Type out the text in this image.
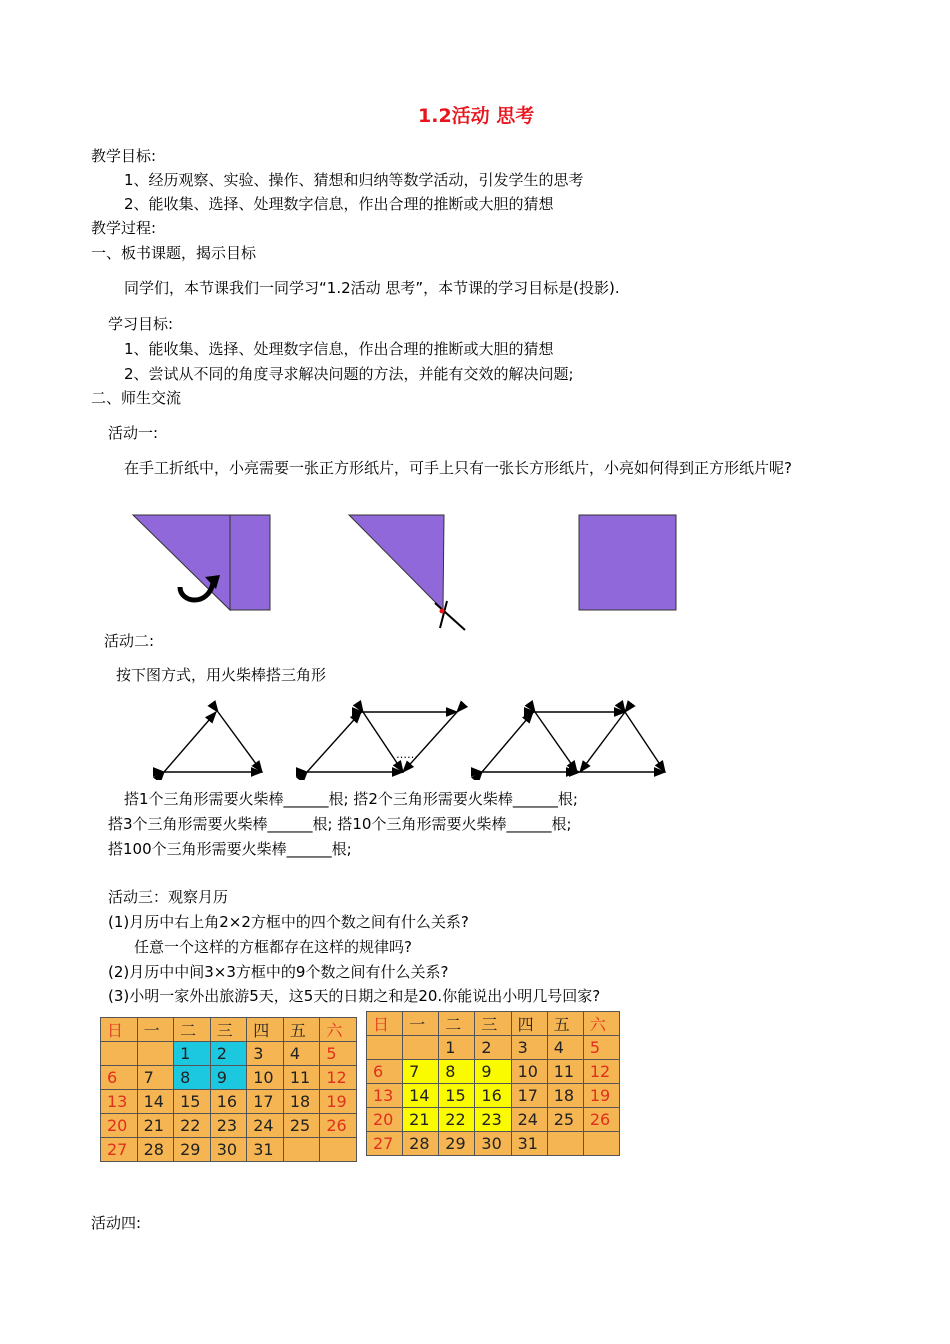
1.2活动 思考
教学目标:
1、经历观察、实验、操作、猜想和归纳等数学活动，引发学生的思考
2、能收集、选择、处理数字信息，作出合理的推断或大胆的猜想
教学过程:
一、板书课题，揭示目标
同学们，本节课我们一同学习“1.2活动 思考”，本节课的学习目标是(投影).
学习目标:
1、能收集、选择、处理数字信息，作出合理的推断或大胆的猜想
2、尝试从不同的角度寻求解决问题的方法，并能有交效的解决问题;
二、师生交流
活动一:
在手工折纸中，小亮需要一张正方形纸片，可手上只有一张长方形纸片，小亮如何得到正方形纸片呢?
活动二:
按下图方式，用火柴棒搭三角形
……
搭1个三角形需要火柴棒______根; 搭2个三角形需要火柴棒______根;
搭3个三角形需要火柴棒______根; 搭10个三角形需要火柴棒______根;
搭100个三角形需要火柴棒______根;
活动三：观察月历
(1)月历中右上角2×2方框中的四个数之间有什么关系?
任意一个这样的方框都存在这样的规律吗?
(2)月历中中间3×3方框中的9个数之间有什么关系?
(3)小明一家外出旅游5天，这5天的日期之和是20.你能说出小明几号回家?
日	一	二	三	四	五	六
		1	2	3	4	5
6	7	8	9	10	11	12
13	14	15	16	17	18	19
20	21	22	23	24	25	26
27	28	29	30	31		
日	一	二	三	四	五	六
		1	2	3	4	5
6	7	8	9	10	11	12
13	14	15	16	17	18	19
20	21	22	23	24	25	26
27	28	29	30	31		
活动四:
